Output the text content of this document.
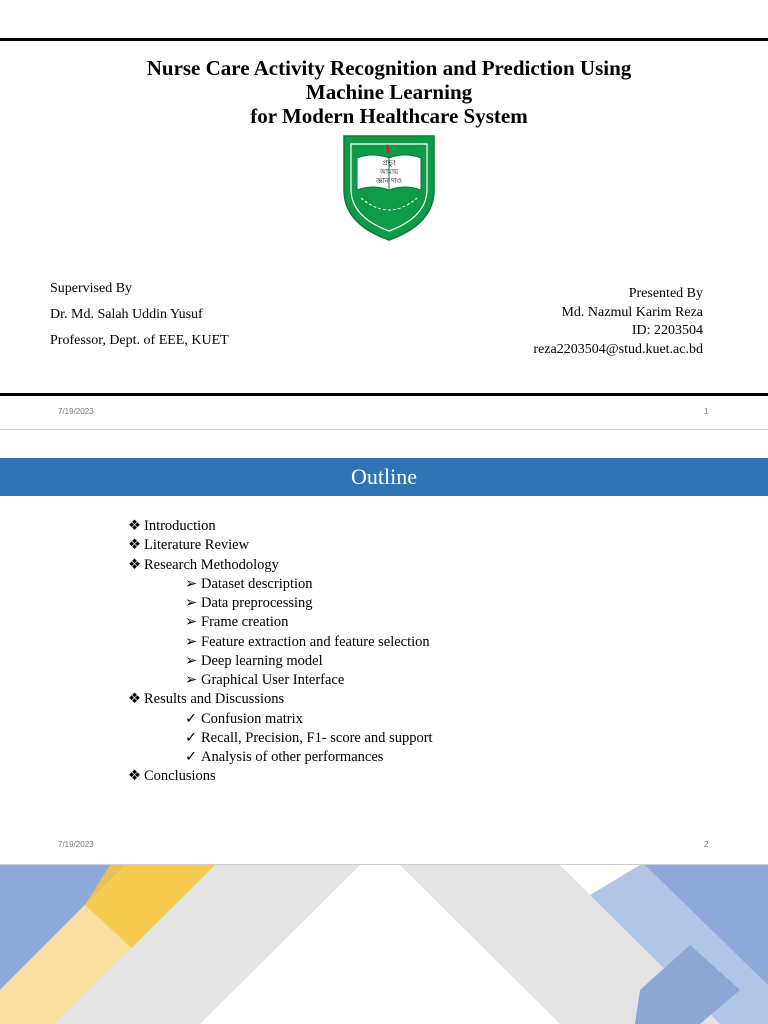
Nurse Care Activity Recognition and Prediction Using
Machine Learning
for Modern Healthcare System
প্রভু!
আমায়
জ্ঞান দাও
Supervised By
Dr. Md. Salah Uddin Yusuf
Professor, Dept. of EEE, KUET
Presented By
Md. Nazmul Karim Reza
ID: 2203504
reza2203504@stud.kuet.ac.bd
7/19/2023	1
Outline
❖ Introduction
❖ Literature Review
❖ Research Methodology
➢ Dataset description
➢ Data preprocessing
➢ Frame creation
➢ Feature extraction and feature selection
➢ Deep learning model
➢ Graphical User Interface
❖ Results and Discussions
✓ Confusion matrix
✓ Recall, Precision, F1- score and support
✓ Analysis of other performances
❖ Conclusions
7/19/2023	2
